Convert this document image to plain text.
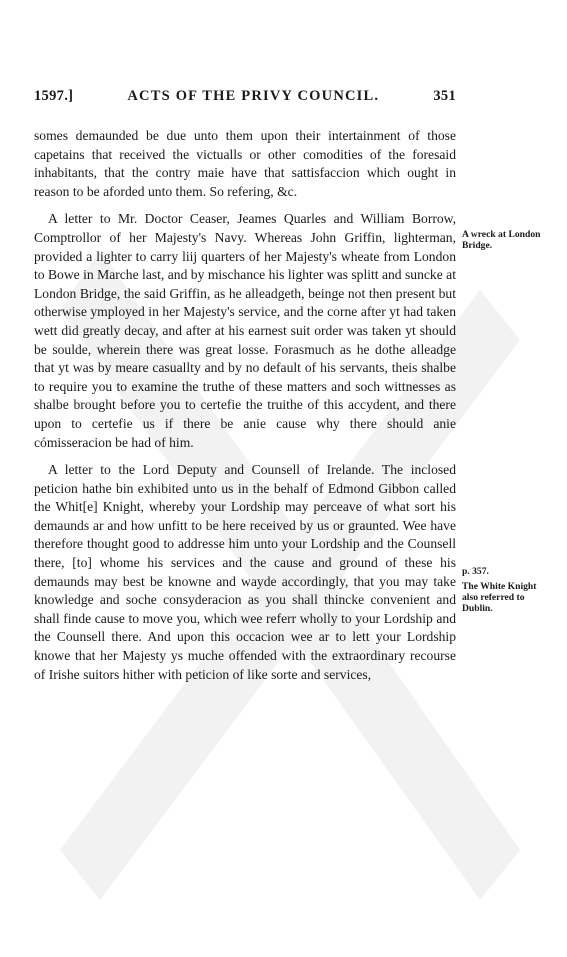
1597.]	ACTS OF THE PRIVY COUNCIL.	351

somes demaunded be due unto them upon their intertainment of those capetains that received the victualls or other comodities of the foresaid inhabitants, that the contry maie have that sattisfaccion which ought in reason to be aforded unto them. So refering, &c.

A letter to Mr. Doctor Ceaser, Jeames Quarles and William Borrow, Comptrollor of her Majesty's Navy. Whereas John Griffin, lighterman, provided a lighter to carry liij quarters of her Majesty's wheate from London to Bowe in Marche last, and by mischance his lighter was splitt and suncke at London Bridge, the said Griffin, as he alleadgeth, beinge not then present but otherwise ymployed in her Majesty's service, and the corne after yt had taken wett did greatly decay, and after at his earnest suit order was taken yt should be soulde, wherein there was great losse. Forasmuch as he dothe alleadge that yt was by meare casuallty and by no default of his servants, theis shalbe to require you to examine the truthe of these matters and soch wittnesses as shalbe brought before you to certefie the truithe of this accydent, and there upon to certefie us if there be anie cause why there should anie cómisseracion be had of him.

A letter to the Lord Deputy and Counsell of Irelande. The inclosed peticion hathe bin exhibited unto us in the behalf of Edmond Gibbon called the Whit[e] Knight, whereby your Lordship may perceave of what sort his demaunds ar and how unfitt to be here received by us or graunted. Wee have therefore thought good to addresse him unto your Lordship and the Counsell there, [to] whome his services and the cause and ground of these his demaunds may best be knowne and wayde accordingly, that you may take knowledge and soche consyderacion as you shall thincke convenient and shall finde cause to move you, which wee referr wholly to your Lordship and the Counsell there. And upon this occacion wee ar to lett your Lordship knowe that her Majesty ys muche offended with the extraordinary recourse of Irishe suitors hither with peticion of like sorte and services,

A wreck at London Bridge.
p. 357.
The White Knight also referred to Dublin.
